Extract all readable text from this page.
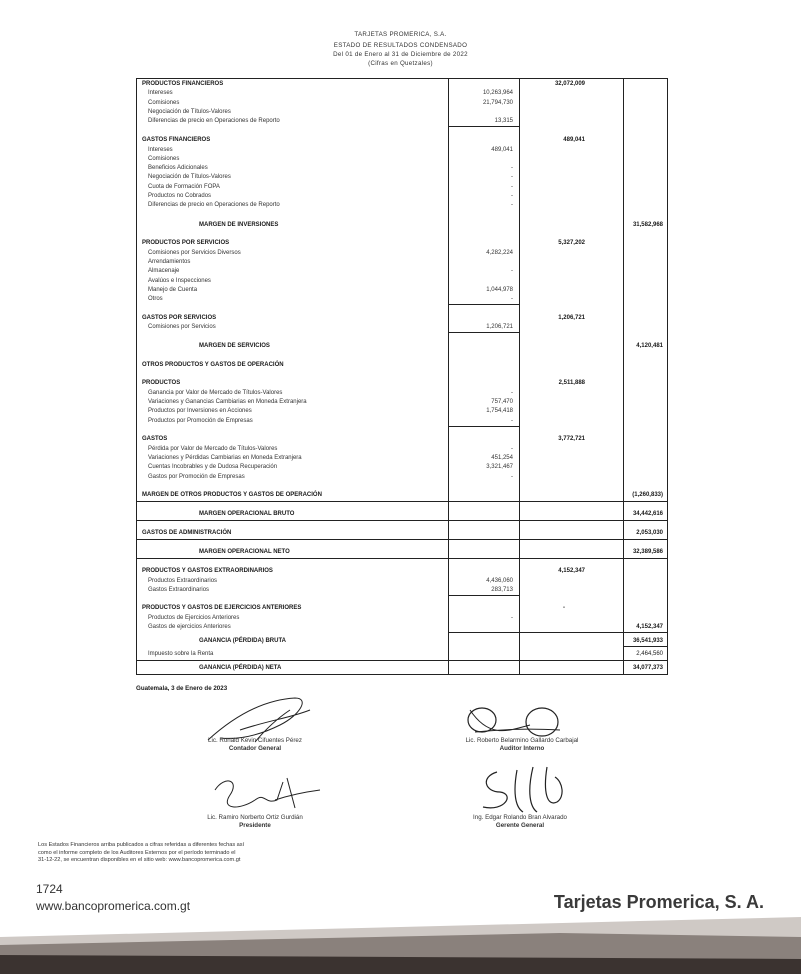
TARJETAS PROMERICA, S.A.
ESTADO DE RESULTADOS CONDENSADO
Del 01 de Enero al 31 de Diciembre de 2022
(Cifras en Quetzales)
PRODUCTOS FINANCIEROS	32,072,009
Intereses	10,263,964
Comisiones	21,794,730
Negociación de Títulos-Valores
Diferencias de precio en Operaciones de Reporto	13,315
GASTOS FINANCIEROS	489,041
Intereses	489,041
Comisiones
Beneficios Adicionales	-
Negociación de Títulos-Valores	-
Cuota de Formación FOPA	-
Productos no Cobrados	-
Diferencias de precio en Operaciones de Reporto	-
MARGEN DE INVERSIONES	31,582,968
PRODUCTOS POR SERVICIOS	5,327,202
Comisiones por Servicios Diversos	4,282,224
Arrendamientos
Almacenaje	-
Avalúos e Inspecciones
Manejo de Cuenta	1,044,978
Otros	-
GASTOS POR SERVICIOS	1,206,721
Comisiones por Servicios	1,206,721
MARGEN DE SERVICIOS	4,120,481
OTROS PRODUCTOS Y GASTOS DE OPERACIÓN
PRODUCTOS	2,511,888
Ganancia por Valor de Mercado de Títulos-Valores	-
Variaciones y Ganancias Cambiarias en Moneda Extranjera	757,470
Productos por Inversiones en Acciones	1,754,418
Productos por Promoción de Empresas	-
GASTOS	3,772,721
Pérdida por Valor de Mercado de Títulos-Valores	-
Variaciones y Pérdidas Cambiarias en Moneda Extranjera	451,254
Cuentas Incobrables y de Dudosa Recuperación	3,321,467
Gastos por Promoción de Empresas	-
MARGEN DE OTROS PRODUCTOS Y GASTOS DE OPERACIÓN	(1,260,833)
MARGEN OPERACIONAL BRUTO	34,442,616
GASTOS DE ADMINISTRACIÓN	2,053,030
MARGEN OPERACIONAL NETO	32,389,586
PRODUCTOS Y GASTOS EXTRAORDINARIOS	4,152,347
Productos Extraordinarios	4,436,060
Gastos Extraordinarios	283,713
PRODUCTOS Y GASTOS DE EJERCICIOS ANTERIORES	-
Productos de Ejercicios Anteriores	-
Gastos de ejercicios Anteriores	4,152,347
GANANCIA (PÉRDIDA) BRUTA	36,541,933
Impuesto sobre la Renta	2,464,560
GANANCIA (PÉRDIDA) NETA	34,077,373
Guatemala, 3 de Enero de 2023
Lic. Ronald Kevin Cifuentes Pérez
Contador General
Lic. Roberto Belarmino Gallardo Carbajal
Auditor Interno
Lic. Ramiro Norberto Ortiz Gurdián
Presidente
Ing. Edgar Rolando Bran Alvarado
Gerente General
Los Estados Financieros arriba publicados a cifras referidas a diferentes fechas así
como el informe completo de los Auditores Externos por el período terminado el
31-12-22, se encuentran disponibles en el sitio web: www.bancopromerica.com.gt
1724
www.bancopromerica.com.gt	Tarjetas Promerica, S. A.
